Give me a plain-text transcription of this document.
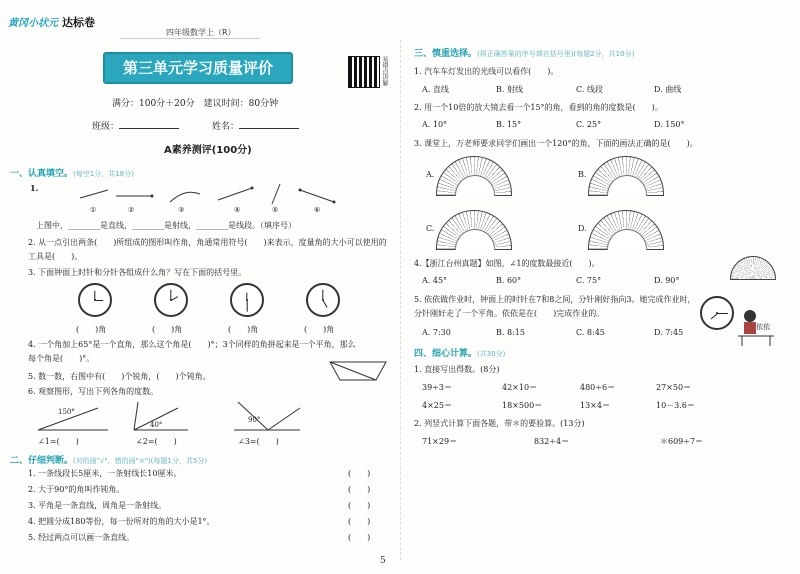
黄冈小状元 达标卷
四年级数学上（R）
第三单元学习质量评价	易错点讲解
满分：100分＋20分　建议时间：80分钟
班级：	姓名：
A素养测评(100分)
一、认真填空。(每空1分，共18分)
1.
①	②	③	④	⑤	⑥
上图中，________是直线，________是射线，________是线段。（填序号）
2. 从一点引出两条(　　)所组成的图形叫作角，角通常用符号(　　)来表示，度量角的大小可以使用的工具是(　　)。
3. 下面钟面上时针和分针各组成什么角？写在下面的括号里。
(　　)角	(　　)角	(　　)角	(　　)角
4. 一个角加上65°是一个直角，那么这个角是(　　)°；3个同样的角拼起来是一个平角，那么每个角是(　　)°。
5. 数一数，右图中有(　　)个锐角，(　　)个钝角。
6. 观察图形，写出下列各角的度数。
150°
40°
90°
∠1=(　　)	∠2=(　　)	∠3=(　　)
二、仔细判断。(对的画"√"，错的画"×")(每题1分，共5分)
1. 一条线段长5厘米，一条射线长10厘米。	(　　)
2. 大于90°的角叫作钝角。	(　　)
3. 平角是一条直线，周角是一条射线。	(　　)
4. 把圆分成180等份，每一份所对的角的大小是1°。	(　　)
5. 经过两点可以画一条直线。	(　　)
三、慎重选择。(将正确答案的序号填在括号里)(每题2分，共10分)
1. 汽车车灯发出的光线可以看作(　　)。
A. 直线	B. 射线	C. 线段	D. 曲线
2. 用一个10倍的放大镜去看一个15°的角，看到的角的度数是(　　)。
A. 10°	B. 15°	C. 25°	D. 150°
3. 课堂上，万老师要求同学们画出一个120°的角，下面的画法正确的是(　　)。
A.	B.
C.	D.
4.【浙江台州真题】如图，∠1的度数最接近(　　)。
A. 45°	B. 60°	C. 75°	D. 90°
5. 依依做作业时，钟面上的时针在7和8之间，分针刚好指向3。她完成作业时，分针刚好走了一个平角。依依是在(　　)完成作业的。
依依
A. 7:30	B. 8:15	C. 8:45	D. 7:45
四、细心计算。(共30分)
1. 直接写出得数。(8分)
39÷3＝	42×10＝	480÷6＝	27×50＝
4×25＝	18×500＝	13×4＝	10－3.6＝
2. 列竖式计算下面各题，带＊的要验算。(13分)
71×29＝	832÷4＝	＊609÷7＝
5
